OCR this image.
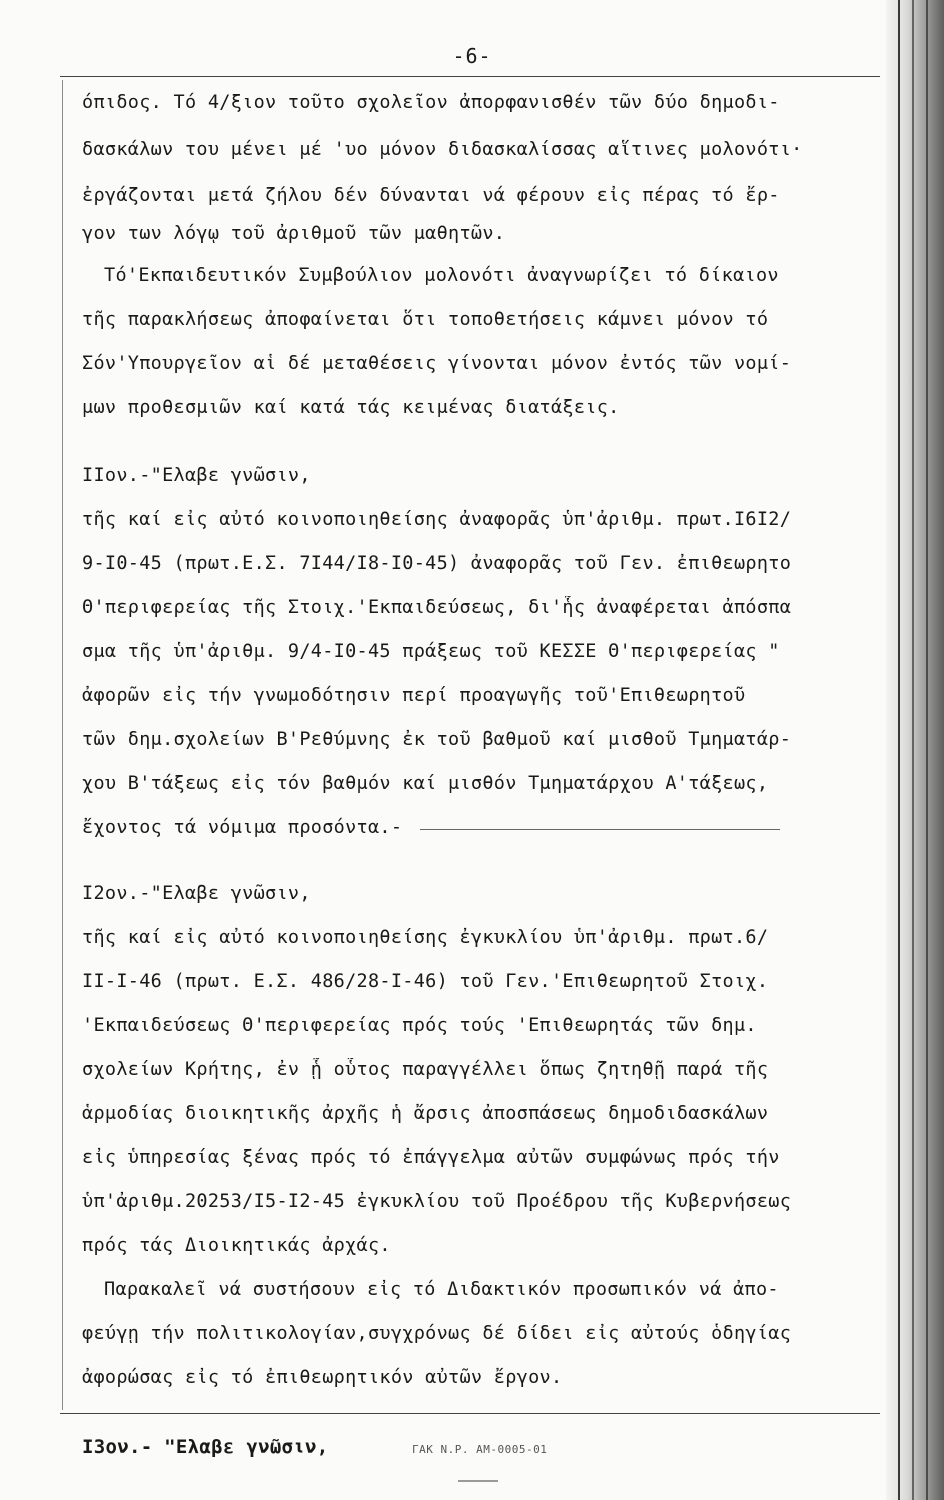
-6-
όπιδος. Τό 4/ξιον τοῦτο σχολεῖον ἀπορφανισθέν τῶν δύο δημοδι-
δασκάλων του μένει μέ 'υο μόνον διδασκαλίσσας αἵτινες μολονότι·
ἐργάζονται μετά ζήλου δέν δύνανται νά φέρουν εἰς πέρας τό ἔρ-
γον των λόγῳ τοῦ ἀριθμοῦ τῶν μαθητῶν.
Τό'Εκπαιδευτικόν Συμβούλιον μολονότι ἀναγνωρίζει τό δίκαιον
τῆς παρακλήσεως ἀποφαίνεται ὅτι τοποθετήσεις κάμνει μόνον τό
Σόν'Υπουργεῖον αἱ δέ μεταθέσεις γίνονται μόνον ἐντός τῶν νομί-
μων προθεσμιῶν καί κατά τάς κειμένας διατάξεις.
IIον.-"Ελαβε γνῶσιν,
τῆς καί εἰς αὐτό κοινοποιηθείσης ἀναφορᾶς ὑπ'ἀριθμ. πρωτ.I6I2/
9-I0-45 (πρωτ.Ε.Σ. 7I44/I8-I0-45) ἀναφορᾶς τοῦ Γεν. ἐπιθεωρητο
Θ'περιφερείας τῆς Στοιχ.'Εκπαιδεύσεως, δι'ἧς ἀναφέρεται ἀπόσπα
σμα τῆς ὑπ'ἀριθμ. 9/4-I0-45 πράξεως τοῦ ΚΕΣΣΕ Θ'περιφερείας "
ἀφορῶν εἰς τήν γνωμοδότησιν περί προαγωγῆς τοῦ'Επιθεωρητοῦ
τῶν δημ.σχολείων Β'Ρεθύμνης ἐκ τοῦ βαθμοῦ καί μισθοῦ Τμηματάρ-
χου Β'τάξεως εἰς τόν βαθμόν καί μισθόν Τμηματάρχου Α'τάξεως,
ἔχοντος τά νόμιμα προσόντα.-
I2ον.-"Ελαβε γνῶσιν,
τῆς καί εἰς αὐτό κοινοποιηθείσης ἐγκυκλίου ὑπ'ἀριθμ. πρωτ.6/
II-I-46 (πρωτ. Ε.Σ. 486/28-I-46) τοῦ Γεν.'Επιθεωρητοῦ Στοιχ.
'Εκπαιδεύσεως Θ'περιφερείας πρός τούς 'Επιθεωρητάς τῶν δημ.
σχολείων Κρήτης, ἐν ᾗ οὗτος παραγγέλλει ὅπως ζητηθῇ παρά τῆς
ἁρμοδίας διοικητικῆς ἀρχῆς ἡ ἄρσις ἀποσπάσεως δημοδιδασκάλων
εἰς ὑπηρεσίας ξένας πρός τό ἐπάγγελμα αὐτῶν συμφώνως πρός τήν
ὑπ'ἀριθμ.20253/I5-I2-45 ἐγκυκλίου τοῦ Προέδρου τῆς Κυβερνήσεως
πρός τάς Διοικητικάς ἀρχάς.
Παρακαλεῖ νά συστήσουν εἰς τό Διδακτικόν προσωπικόν νά ἀπο-
φεύγῃ τήν πολιτικολογίαν,συγχρόνως δέ δίδει εἰς αὐτούς ὁδηγίας
ἀφορώσας εἰς τό ἐπιθεωρητικόν αὐτῶν ἔργον.
I3ον.- "Ελαβε γνῶσιν,	ΓΑΚ Ν.Ρ. ΑΜ-0005-01
